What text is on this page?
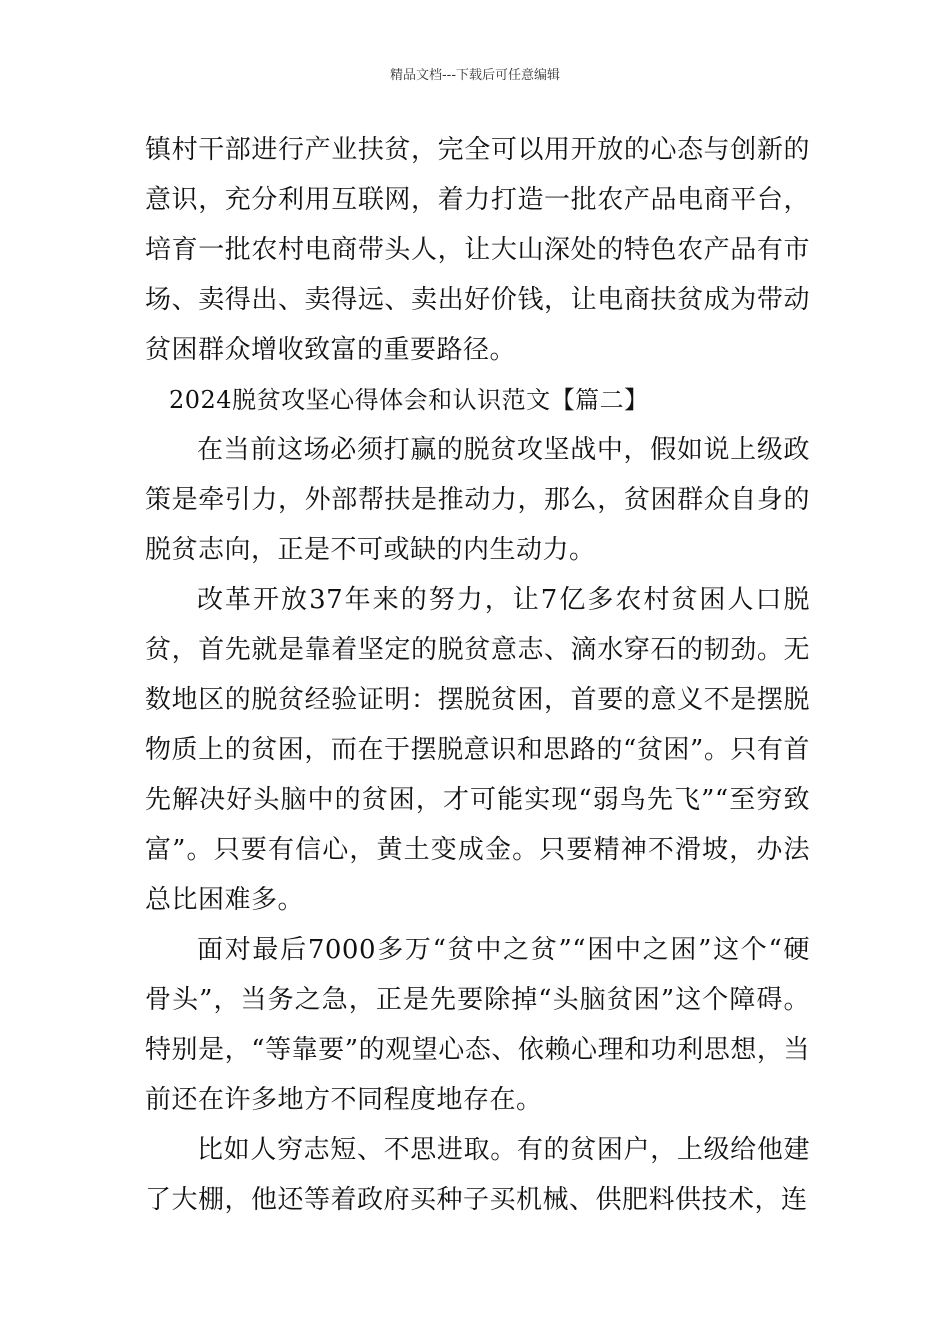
精品文档---下载后可任意编辑

镇村干部进行产业扶贫，完全可以用开放的心态与创新的意识，充分利用互联网，着力打造一批农产品电商平台，培育一批农村电商带头人，让大山深处的特色农产品有市场、卖得出、卖得远、卖出好价钱，让电商扶贫成为带动贫困群众增收致富的重要路径。

2024脱贫攻坚心得体会和认识范文【篇二】

在当前这场必须打赢的脱贫攻坚战中，假如说上级政策是牵引力，外部帮扶是推动力，那么，贫困群众自身的脱贫志向，正是不可或缺的内生动力。

改革开放37年来的努力，让7亿多农村贫困人口脱贫，首先就是靠着坚定的脱贫意志、滴水穿石的韧劲。无数地区的脱贫经验证明：摆脱贫困，首要的意义不是摆脱物质上的贫困，而在于摆脱意识和思路的“贫困”。只有首先解决好头脑中的贫困，才可能实现“弱鸟先飞”“至穷致富”。只要有信心，黄土变成金。只要精神不滑坡，办法总比困难多。

面对最后7000多万“贫中之贫”“困中之困”这个“硬骨头”，当务之急，正是先要除掉“头脑贫困”这个障碍。特别是，“等靠要”的观望心态、依赖心理和功利思想，当前还在许多地方不同程度地存在。

比如人穷志短、不思进取。有的贫困户，上级给他建了大棚，他还等着政府买种子买机械、供肥料供技术，连
